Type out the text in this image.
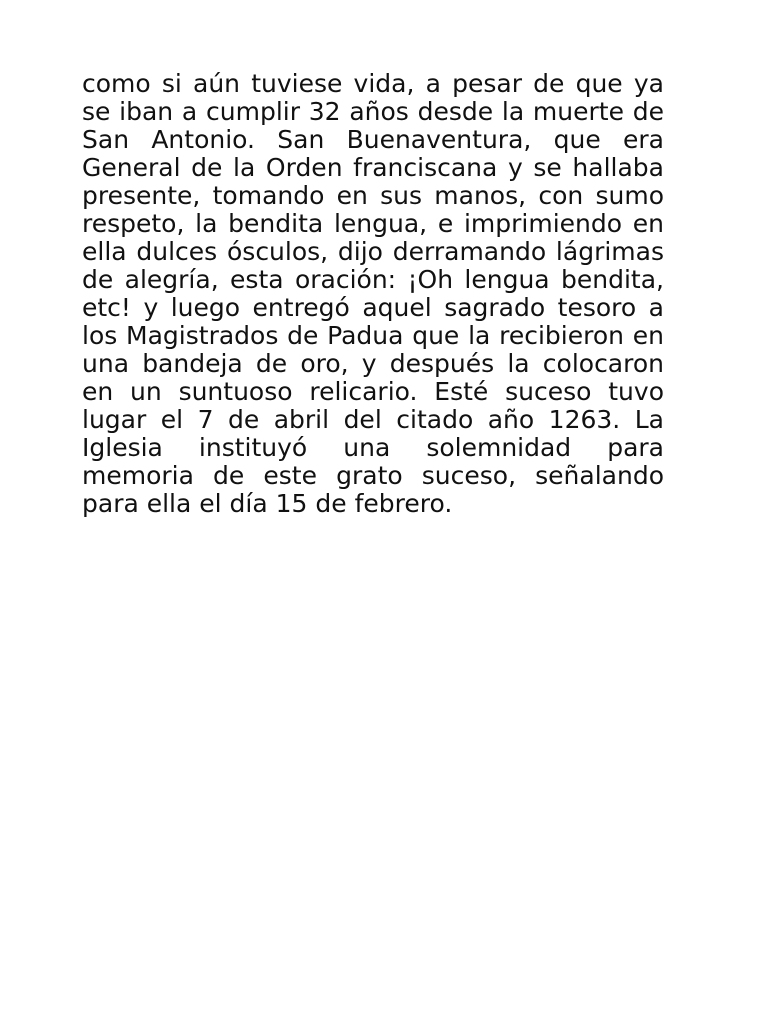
como si aún tuviese vida, a pesar de que ya se iban a cumplir 32 años desde la muerte de San Antonio. San Buenaventura, que era General de la Orden franciscana y se hallaba presente, tomando en sus manos, con sumo respeto, la bendita lengua, e imprimiendo en ella dulces ósculos, dijo derramando lágrimas de alegría, esta oración: ¡Oh lengua bendita, etc! y luego entregó aquel sagrado tesoro a los Magistrados de Padua que la recibieron en una bandeja de oro, y después la colocaron en un suntuoso relicario. Esté suceso tuvo lugar el 7 de abril del citado año 1263. La Iglesia instituyó una solemnidad para memoria de este grato suceso, señalando para ella el día 15 de febrero.
